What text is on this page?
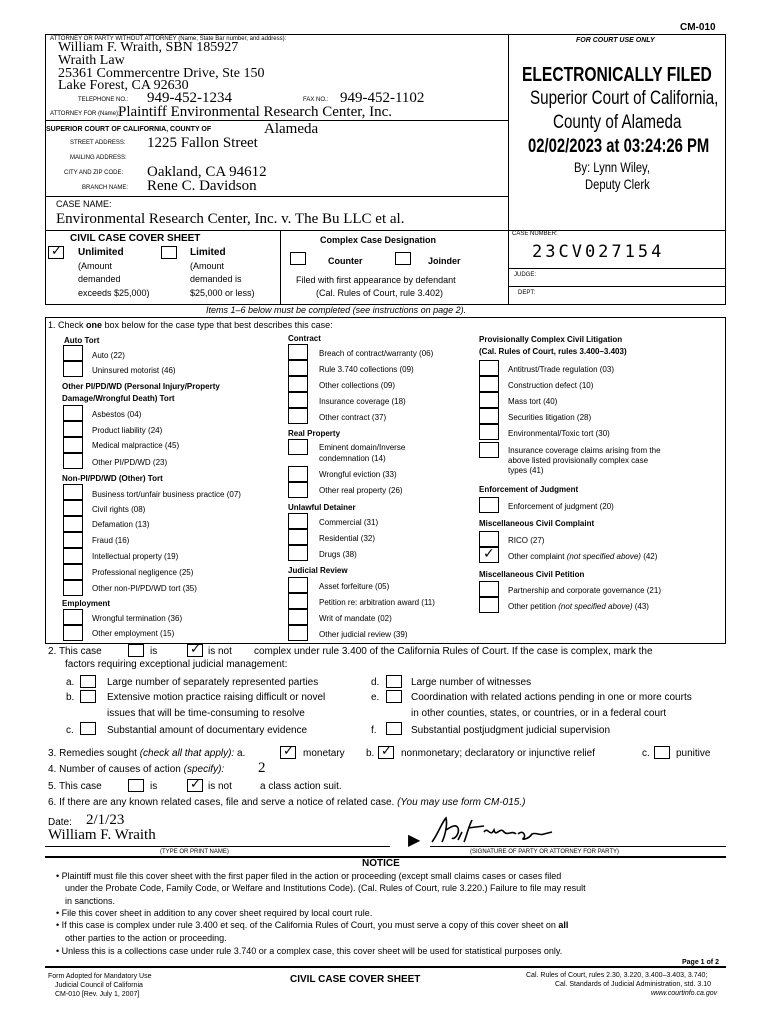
CM-010
ATTORNEY OR PARTY WITHOUT ATTORNEY (Name, State Bar number, and address):
William F. Wraith, SBN 185927
Wraith Law
25361 Commercentre Drive, Ste 150
Lake Forest, CA 92630
TELEPHONE NO.: 949-452-1234	FAX NO.: 949-452-1102
ATTORNEY FOR (Name):
Plaintiff Environmental Research Center, Inc.
SUPERIOR COURT OF CALIFORNIA, COUNTY OF	Alameda
STREET ADDRESS: 1225 Fallon Street
MAILING ADDRESS:
CITY AND ZIP CODE: Oakland, CA 94612
BRANCH NAME: Rene C. Davidson
CASE NAME:
Environmental Research Center, Inc. v. The Bu LLC et al.
FOR COURT USE ONLY
ELECTRONICALLY FILED
Superior Court of California,
County of Alameda
02/02/2023 at 03:24:26 PM
By: Lynn Wiley,
Deputy Clerk
CIVIL CASE COVER SHEET
✓ Unlimited
(Amount
demanded
exceeds $25,000)
Limited
(Amount
demanded is
$25,000 or less)
Complex Case Designation
Counter	Joinder
Filed with first appearance by defendant
(Cal. Rules of Court, rule 3.402)
CASE NUMBER:
23CV027154
JUDGE:
DEPT:
Items 1–6 below must be completed (see instructions on page 2).
1. Check one box below for the case type that best describes this case:
Auto Tort
Auto (22)
Uninsured motorist (46)
Other PI/PD/WD (Personal Injury/Property
Damage/Wrongful Death) Tort
Asbestos (04)
Product liability (24)
Medical malpractice (45)
Other PI/PD/WD (23)
Non-PI/PD/WD (Other) Tort
Business tort/unfair business practice (07)
Civil rights (08)
Defamation (13)
Fraud (16)
Intellectual property (19)
Professional negligence (25)
Other non-PI/PD/WD tort (35)
Employment
Wrongful termination (36)
Other employment (15)
Contract
Breach of contract/warranty (06)
Rule 3.740 collections (09)
Other collections (09)
Insurance coverage (18)
Other contract (37)
Real Property
Eminent domain/Inverse
condemnation (14)
Wrongful eviction (33)
Other real property (26)
Unlawful Detainer
Commercial (31)
Residential (32)
Drugs (38)
Judicial Review
Asset forfeiture (05)
Petition re: arbitration award (11)
Writ of mandate (02)
Other judicial review (39)
Provisionally Complex Civil Litigation
(Cal. Rules of Court, rules 3.400–3.403)
Antitrust/Trade regulation (03)
Construction defect (10)
Mass tort (40)
Securities litigation (28)
Environmental/Toxic tort (30)
Insurance coverage claims arising from the
above listed provisionally complex case
types (41)
Enforcement of Judgment
Enforcement of judgment (20)
Miscellaneous Civil Complaint
RICO (27)
✓ Other complaint (not specified above) (42)
Miscellaneous Civil Petition
Partnership and corporate governance (21)
Other petition (not specified above) (43)
2. This case	is	✓ is not complex under rule 3.400 of the California Rules of Court. If the case is complex, mark the
factors requiring exceptional judicial management:
a.	Large number of separately represented parties
b.	Extensive motion practice raising difficult or novel
issues that will be time-consuming to resolve
c.	Substantial amount of documentary evidence
d.	Large number of witnesses
e.	Coordination with related actions pending in one or more courts
in other counties, states, or countries, or in a federal court
f.	Substantial postjudgment judicial supervision
3. Remedies sought (check all that apply): a.	✓ monetary b. ✓ nonmonetary; declaratory or injunctive relief	c.	punitive
4. Number of causes of action (specify): 2
5. This case	is	✓ is not	a class action suit.
6. If there are any known related cases, file and serve a notice of related case. (You may use form CM-015.)
Date: 2/1/23
William F. Wraith
(TYPE OR PRINT NAME)	(SIGNATURE OF PARTY OR ATTORNEY FOR PARTY)
▶
NOTICE
• Plaintiff must file this cover sheet with the first paper filed in the action or proceeding (except small claims cases or cases filed
under the Probate Code, Family Code, or Welfare and Institutions Code). (Cal. Rules of Court, rule 3.220.) Failure to file may result
in sanctions.
• File this cover sheet in addition to any cover sheet required by local court rule.
• If this case is complex under rule 3.400 et seq. of the California Rules of Court, you must serve a copy of this cover sheet on all
other parties to the action or proceeding.
• Unless this is a collections case under rule 3.740 or a complex case, this cover sheet will be used for statistical purposes only.
Page 1 of 2
Form Adopted for Mandatory Use
Judicial Council of California
CM-010 [Rev. July 1, 2007]
CIVIL CASE COVER SHEET	Cal. Rules of Court, rules 2.30, 3.220, 3.400–3.403, 3.740;
Cal. Standards of Judicial Administration, std. 3.10
www.courtinfo.ca.gov
